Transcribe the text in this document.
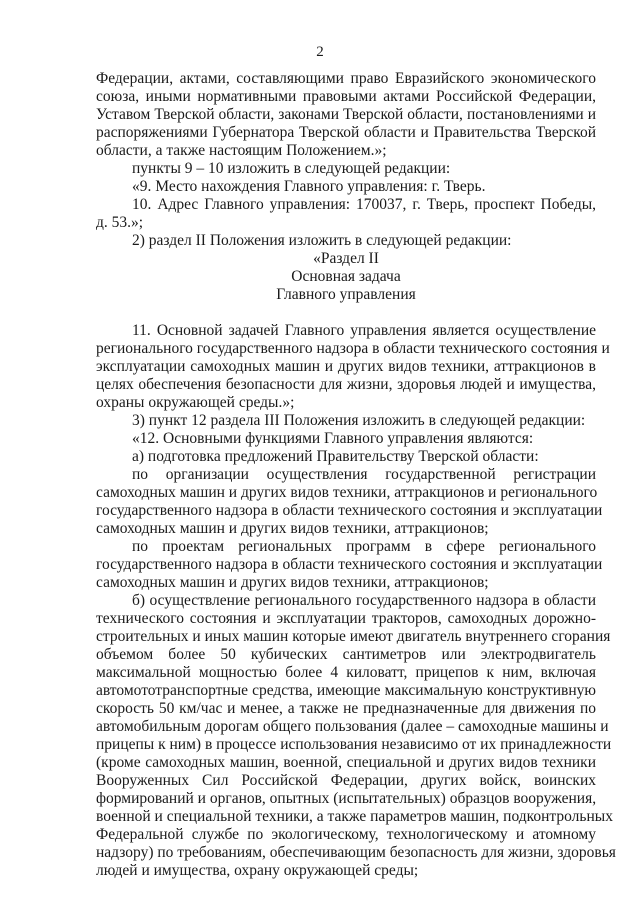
2
Федерации, актами, составляющими право Евразийского экономического
союза, иными нормативными правовыми актами Российской Федерации,
Уставом Тверской области, законами Тверской области, постановлениями и
распоряжениями Губернатора Тверской области и Правительства Тверской
области, а также настоящим Положением.»;
пункты 9 – 10 изложить в следующей редакции:
«9. Место нахождения Главного управления: г. Тверь.
10. Адрес Главного управления: 170037, г. Тверь, проспект Победы,
д. 53.»;
2) раздел II Положения изложить в следующей редакции:
«Раздел II
Основная задача
Главного управления
11. Основной задачей Главного управления является осуществление
регионального государственного надзора в области технического состояния и
эксплуатации самоходных машин и других видов техники, аттракционов в
целях обеспечения безопасности для жизни, здоровья людей и имущества,
охраны окружающей среды.»;
3) пункт 12 раздела III Положения изложить в следующей редакции:
«12. Основными функциями Главного управления являются:
а) подготовка предложений Правительству Тверской области:
по организации осуществления государственной регистрации
самоходных машин и других видов техники, аттракционов и регионального
государственного надзора в области технического состояния и эксплуатации
самоходных машин и других видов техники, аттракционов;
по проектам региональных программ в сфере регионального
государственного надзора в области технического состояния и эксплуатации
самоходных машин и других видов техники, аттракционов;
б) осуществление регионального государственного надзора в области
технического состояния и эксплуатации тракторов, самоходных дорожно-
строительных и иных машин которые имеют двигатель внутреннего сгорания
объемом более 50 кубических сантиметров или электродвигатель
максимальной мощностью более 4 киловатт, прицепов к ним, включая
автомототранспортные средства, имеющие максимальную конструктивную
скорость 50 км/час и менее, а также не предназначенные для движения по
автомобильным дорогам общего пользования (далее – самоходные машины и
прицепы к ним) в процессе использования независимо от их принадлежности
(кроме самоходных машин, военной, специальной и других видов техники
Вооруженных Сил Российской Федерации, других войск, воинских
формирований и органов, опытных (испытательных) образцов вооружения,
военной и специальной техники, а также параметров машин, подконтрольных
Федеральной службе по экологическому, технологическому и атомному
надзору) по требованиям, обеспечивающим безопасность для жизни, здоровья
людей и имущества, охрану окружающей среды;
